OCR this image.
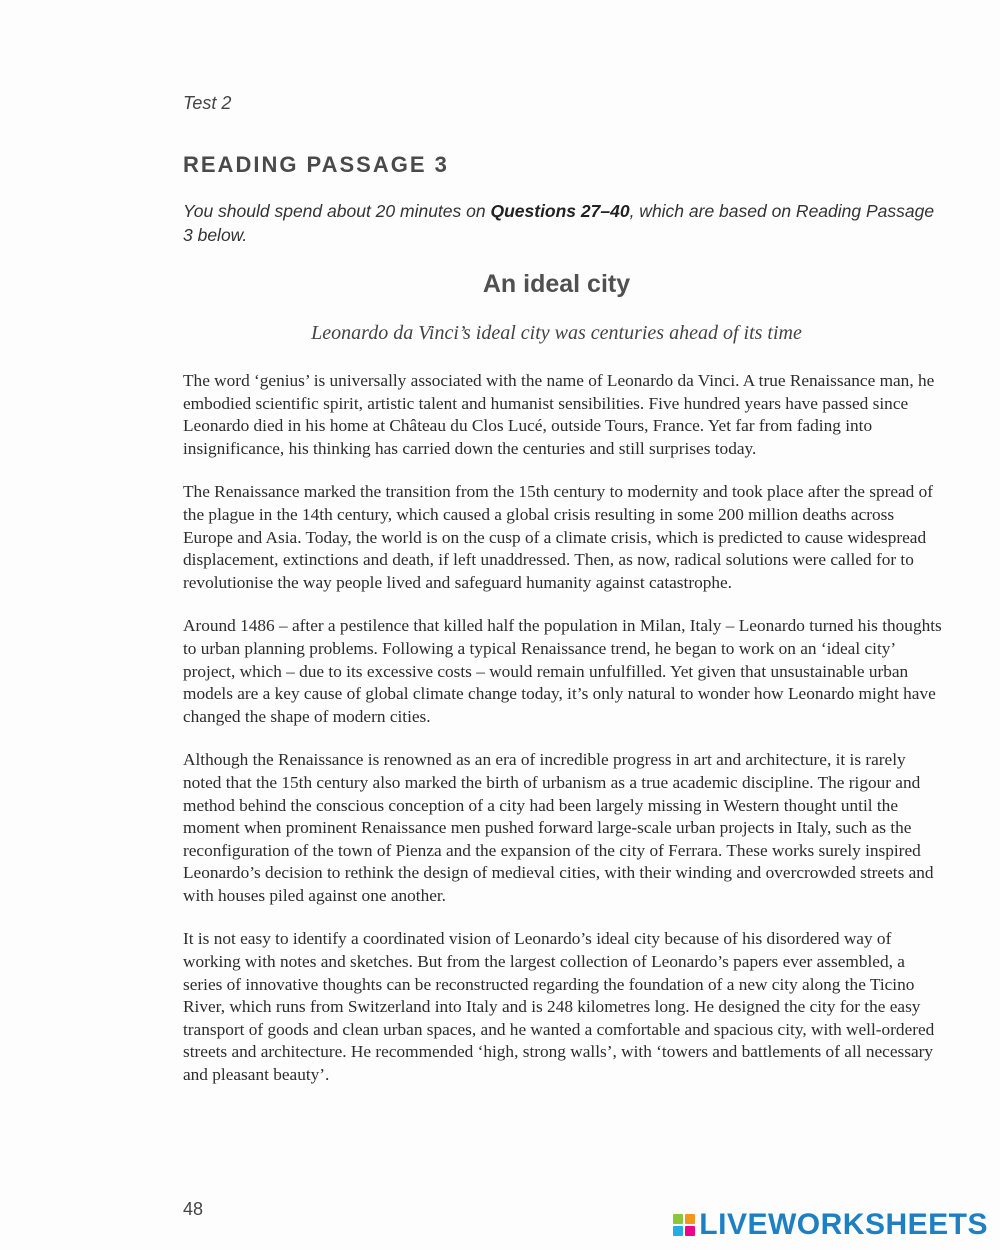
Test 2
READING PASSAGE 3
You should spend about 20 minutes on Questions 27–40, which are based on Reading Passage 3 below.
An ideal city
Leonardo da Vinci’s ideal city was centuries ahead of its time

The word ‘genius’ is universally associated with the name of Leonardo da Vinci. A true Renaissance man, he embodied scientific spirit, artistic talent and humanist sensibilities. Five hundred years have passed since Leonardo died in his home at Château du Clos Lucé, outside Tours, France. Yet far from fading into insignificance, his thinking has carried down the centuries and still surprises today.

The Renaissance marked the transition from the 15th century to modernity and took place after the spread of the plague in the 14th century, which caused a global crisis resulting in some 200 million deaths across Europe and Asia. Today, the world is on the cusp of a climate crisis, which is predicted to cause widespread displacement, extinctions and death, if left unaddressed. Then, as now, radical solutions were called for to revolutionise the way people lived and safeguard humanity against catastrophe.

Around 1486 – after a pestilence that killed half the population in Milan, Italy – Leonardo turned his thoughts to urban planning problems. Following a typical Renaissance trend, he began to work on an ‘ideal city’ project, which – due to its excessive costs – would remain unfulfilled. Yet given that unsustainable urban models are a key cause of global climate change today, it’s only natural to wonder how Leonardo might have changed the shape of modern cities.

Although the Renaissance is renowned as an era of incredible progress in art and architecture, it is rarely noted that the 15th century also marked the birth of urbanism as a true academic discipline. The rigour and method behind the conscious conception of a city had been largely missing in Western thought until the moment when prominent Renaissance men pushed forward large-scale urban projects in Italy, such as the reconfiguration of the town of Pienza and the expansion of the city of Ferrara. These works surely inspired Leonardo’s decision to rethink the design of medieval cities, with their winding and overcrowded streets and with houses piled against one another.

It is not easy to identify a coordinated vision of Leonardo’s ideal city because of his disordered way of working with notes and sketches. But from the largest collection of Leonardo’s papers ever assembled, a series of innovative thoughts can be reconstructed regarding the foundation of a new city along the Ticino River, which runs from Switzerland into Italy and is 248 kilometres long. He designed the city for the easy transport of goods and clean urban spaces, and he wanted a comfortable and spacious city, with well-ordered streets and architecture. He recommended ‘high, strong walls’, with ‘towers and battlements of all necessary and pleasant beauty’.

48	LIVEWORKSHEETS
